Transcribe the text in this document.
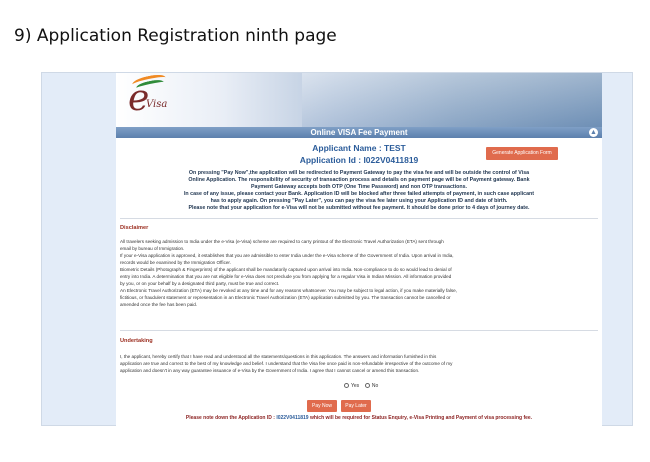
9) Application Registration ninth page
e
Visa
Online VISA Fee Payment	▲
Applicant Name : TEST
Application Id : I022V0411819
Generate Application Form
On pressing "Pay Now",the application will be redirected to Payment Gateway to pay the visa fee and will be outside the control of Visa
Online Application. The responsibility of security of transaction process and details on payment page will be of Payment gateway. Bank
Payment Gateway accepts both OTP (One Time Password) and non OTP transactions.
In case of any issue, please contact your Bank. Application ID will be blocked after three failed attempts of payment, in such case applicant
has to apply again. On pressing "Pay Later", you can pay the visa fee later using your Application ID and date of birth.
Please note that your application for e-Visa will not be submitted without fee payment. It should be done prior to 4 days of journey date.
Disclaimer
All travelers seeking admission to India under the e-Visa (e-Visa) scheme are required to carry printout of the Electronic Travel Authorization (ETA) sent through
email by bureau of Immigration.
If your e-Visa application is approved, it establishes that you are admissible to enter India under the e-Visa scheme of the Government of India. Upon arrival in India,
records would be examined by the Immigration Officer.
Biometric Details (Photograph & Fingerprints) of the applicant shall be mandatorily captured upon arrival into India. Non-compliance to do so would lead to denial of
entry into India. A determination that you are not eligible for e-Visa does not preclude you from applying for a regular Visa in Indian Mission. All information provided
by you, or on your behalf by a designated third party, must be true and correct.
An Electronic Travel Authorization (ETA) may be revoked at any time and for any reasons whatsoever. You may be subject to legal action, if you make materially false,
fictitious, or fraudulent statement or representation in an Electronic Travel Authorization (ETA) application submitted by you. The transaction cannot be cancelled or
amended once the fee has been paid.
Undertaking
I, the applicant, hereby certify that I have read and understood all the statements/questions in this application. The answers and information furnished in this
application are true and correct to the best of my knowledge and belief. I understand that the Visa fee once paid is non-refundable irrespective of the outcome of my
application and doesn't in any way guarantee issuance of e-Visa by the Government of India. I agree that I cannot cancel or amend this transaction.
Yes	No
Pay Now	Pay Later
Please note down the Application ID : I022V0411819 which will be required for Status Enquiry, e-Visa Printing and Payment of visa processing fee.
